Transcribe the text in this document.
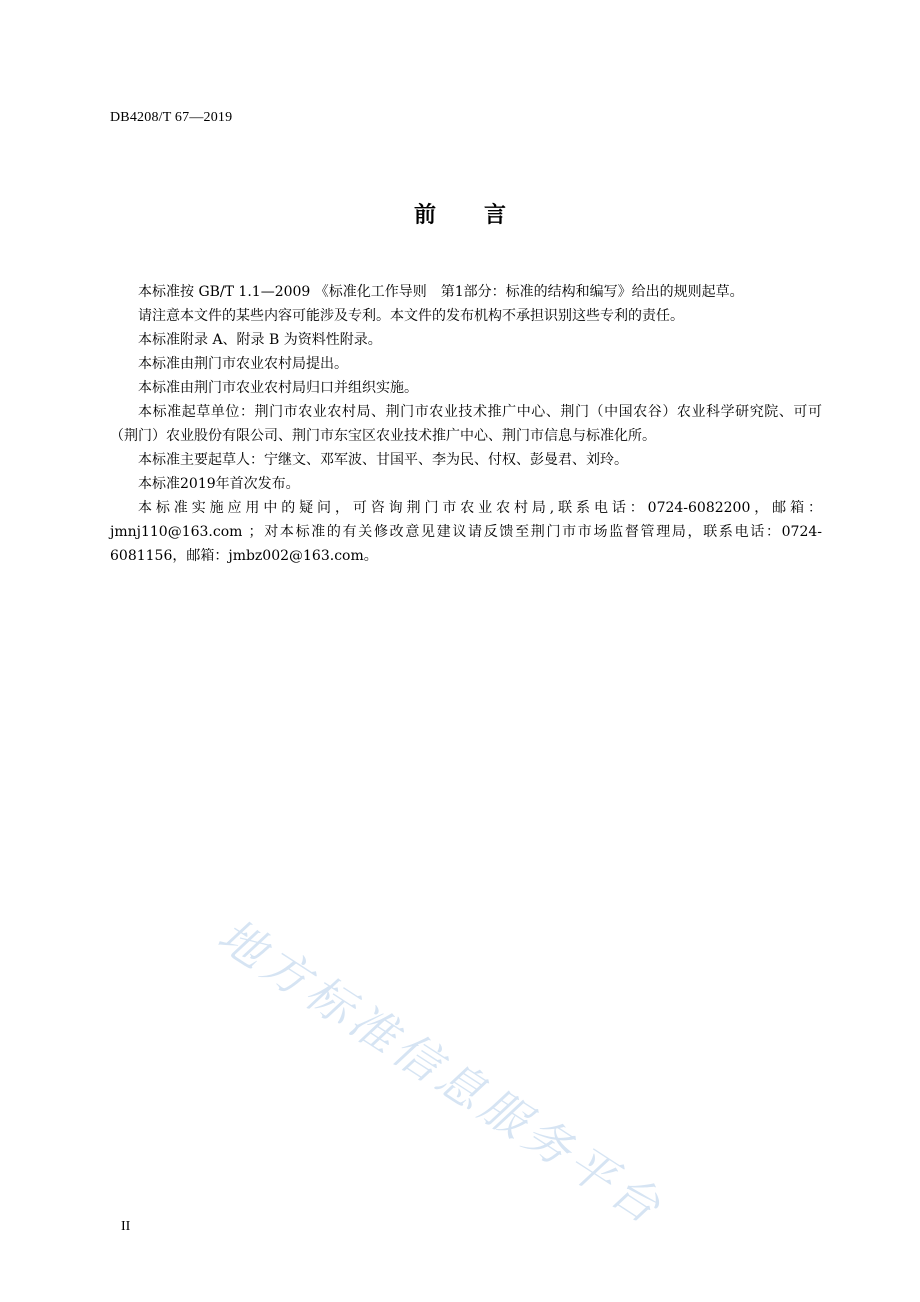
DB4208/T 67—2019
前 言

本标准按 GB/T 1.1—2009 《标准化工作导则　第1部分：标准的结构和编写》给出的规则起草。

请注意本文件的某些内容可能涉及专利。本文件的发布机构不承担识别这些专利的责任。

本标准附录 A、附录 B 为资料性附录。

本标准由荆门市农业农村局提出。

本标准由荆门市农业农村局归口并组织实施。

本标准起草单位：荆门市农业农村局、荆门市农业技术推广中心、荆门（中国农谷）农业科学研究院、可可（荆门）农业股份有限公司、荆门市东宝区农业技术推广中心、荆门市信息与标准化所。

本标准主要起草人：宁继文、邓军波、甘国平、李为民、付权、彭曼君、刘玲。

本标准2019年首次发布。

本标准实施应用中的疑问，可咨询荆门市农业农村局,联系电话：0724-6082200，邮箱：jmnj110@163.com ；对本标准的有关修改意见建议请反馈至荆门市市场监督管理局，联系电话：0724-6081156，邮箱：jmbz002@163.com。

地方标准信息服务平台
II
